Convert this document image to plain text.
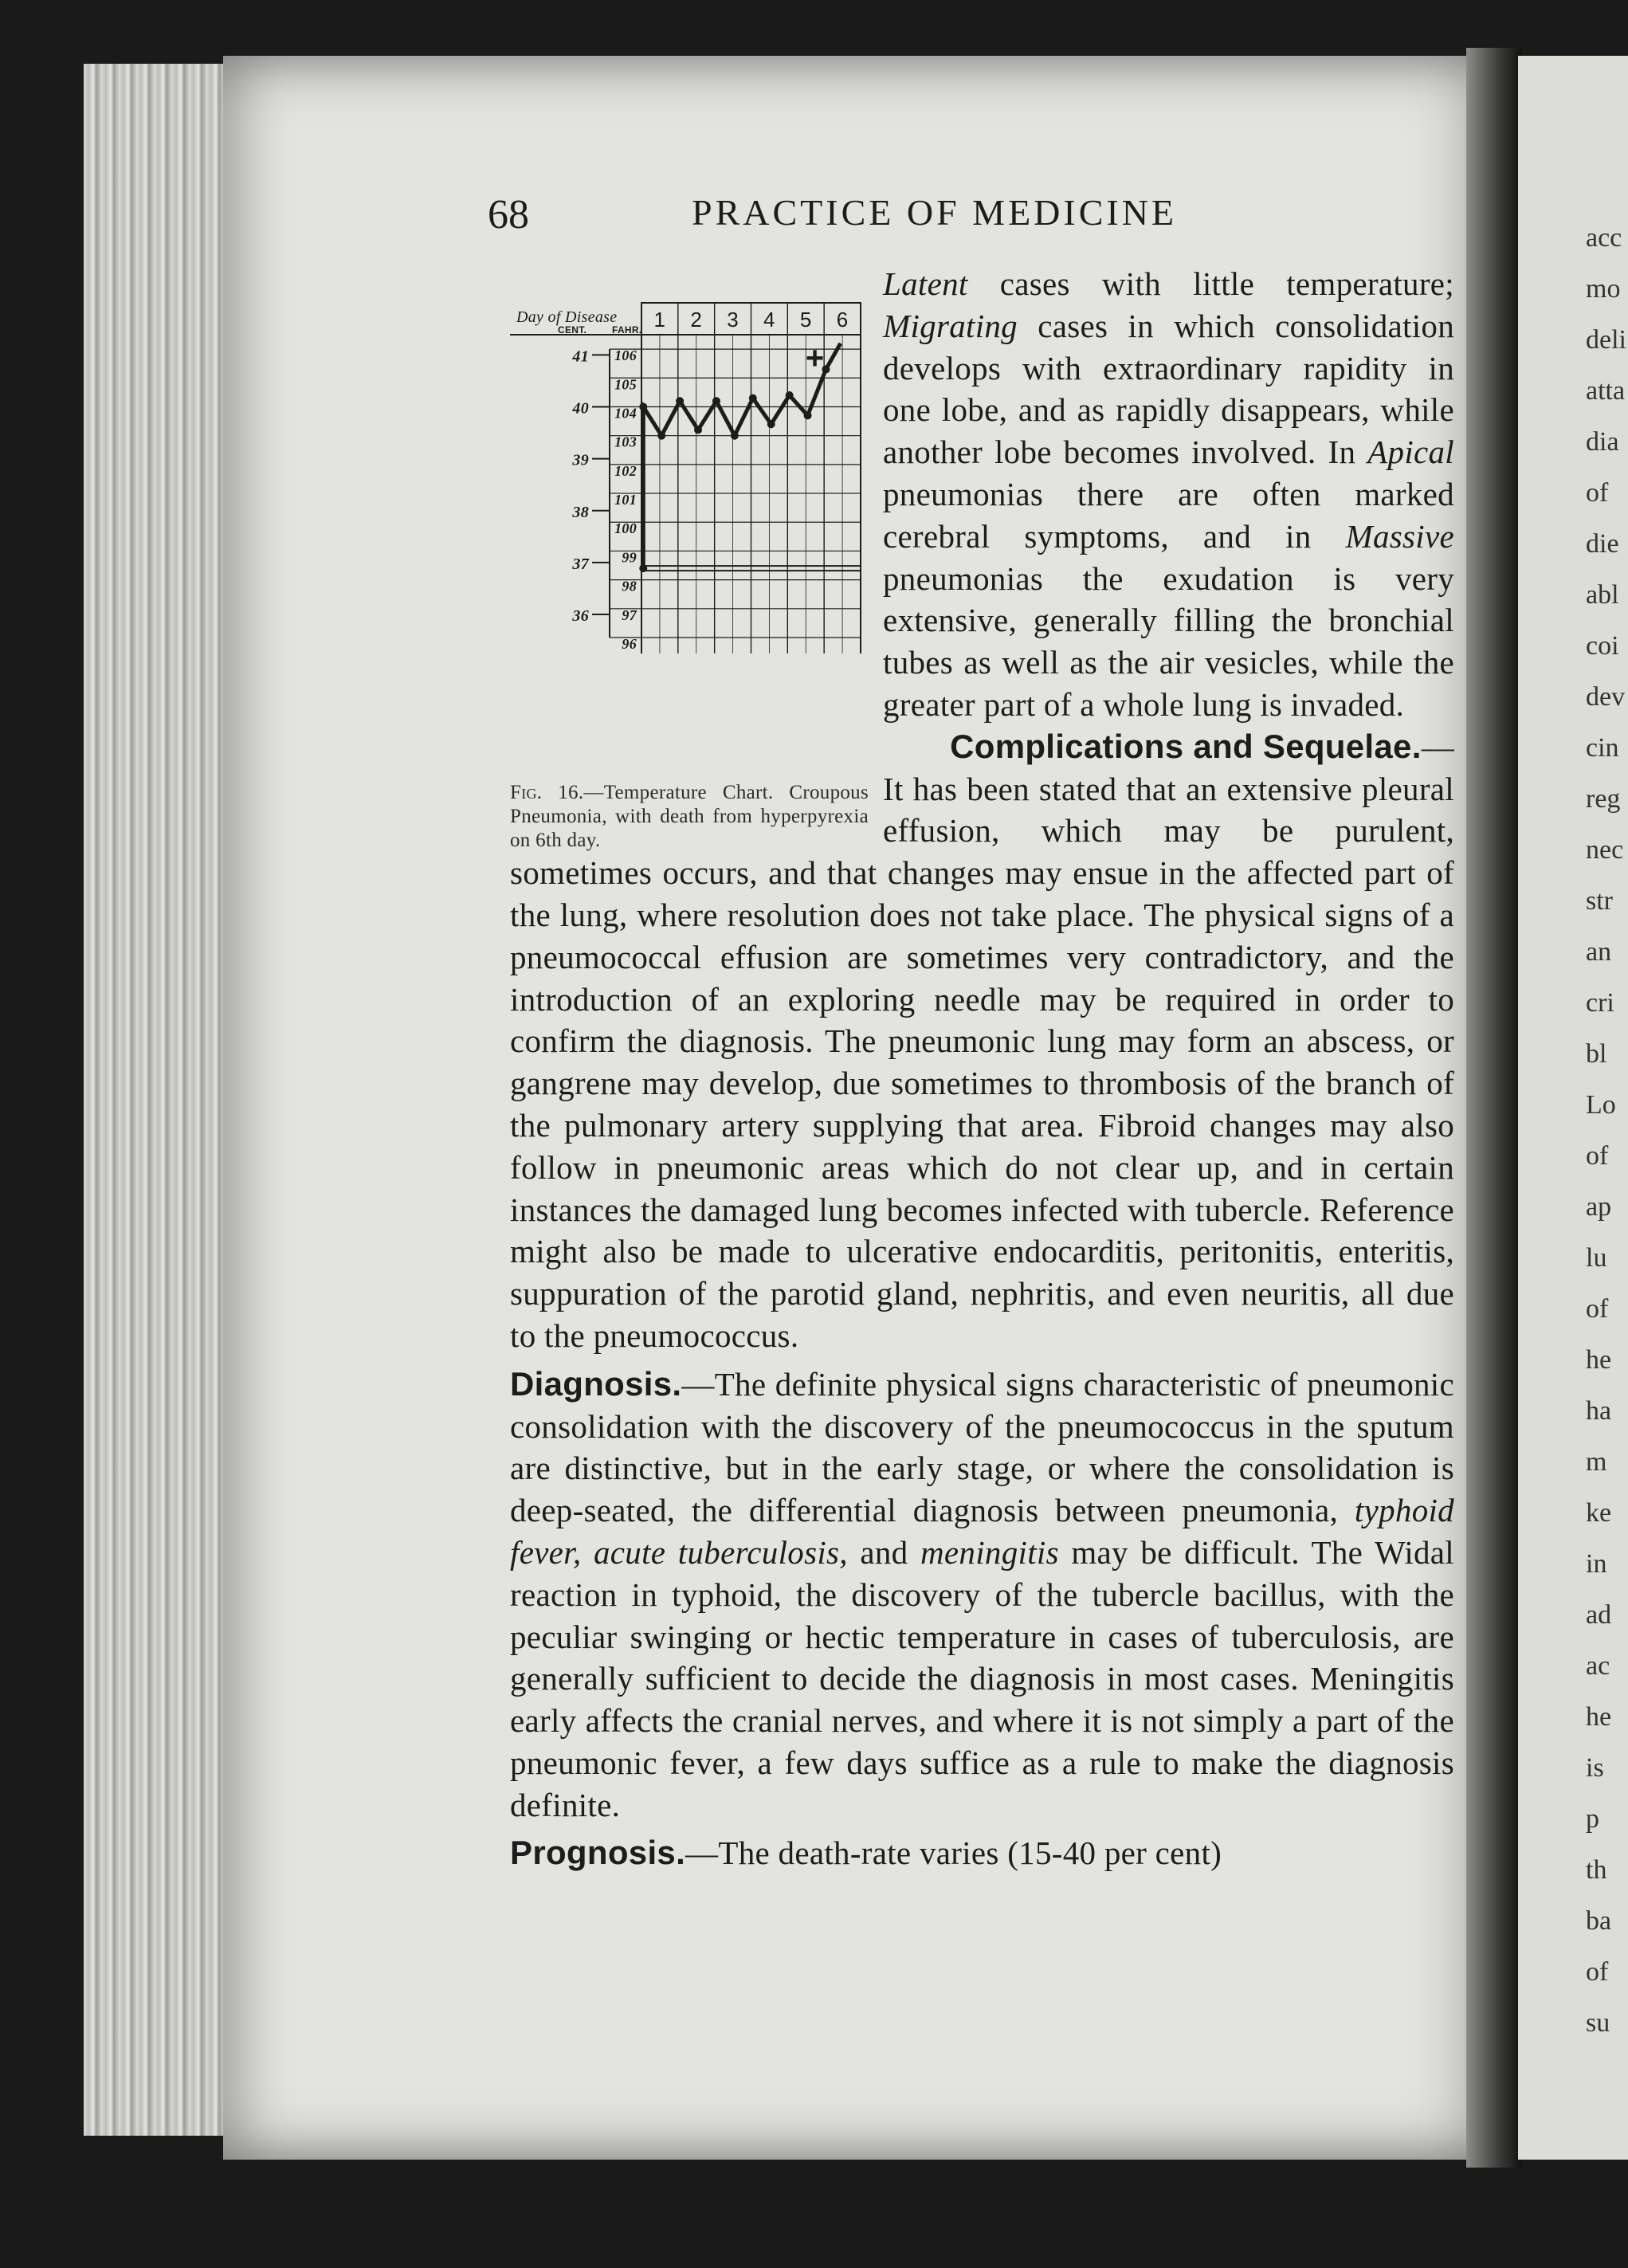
acc
mo
deli
atta
dia
of
die
abl
coi
dev
cin
reg
nec
str
an
cri
bl
Lo
of
ap
lu
of
he
ha
m
ke
in
ad
ac
he
is
p
th
ba
of
su
68	PRACTICE OF MEDICINE
1 2 3 4 5 6
Day of Disease
CENT.	FAHR.
106
105
104
103
102
101
100
99
98
97
96
41
40
39
38
37
36
+
Fig. 16.—Temperature Chart. Croupous Pneumonia, with death from hyperpyrexia on 6th day.

Latent cases with little temperature; Migrating cases in which consolidation develops with extraordinary rapidity in one lobe, and as rapidly disappears, while another lobe becomes involved. In Apical pneumonias there are often marked cerebral symptoms, and in Massive pneumonias the exudation is very extensive, generally filling the bronchial tubes as well as the air vesicles, while the greater part of a whole lung is invaded.

Complications and Sequelae.—

It has been stated that an extensive pleural effusion, which may be purulent, sometimes occurs, and that changes may ensue in the affected part of the lung, where resolution does not take place. The physical signs of a pneumococcal effusion are sometimes very contradictory, and the introduction of an exploring needle may be required in order to confirm the diagnosis. The pneumonic lung may form an abscess, or gangrene may develop, due sometimes to thrombosis of the branch of the pulmonary artery supplying that area. Fibroid changes may also follow in pneumonic areas which do not clear up, and in certain instances the damaged lung becomes infected with tubercle. Reference might also be made to ulcerative endocarditis, peritonitis, enteritis, suppuration of the parotid gland, nephritis, and even neuritis, all due to the pneumococcus.

Diagnosis.—The definite physical signs characteristic of pneumonic consolidation with the discovery of the pneumococcus in the sputum are distinctive, but in the early stage, or where the consolidation is deep-seated, the differential diagnosis between pneumonia, typhoid fever, acute tuberculosis, and meningitis may be difficult. The Widal reaction in typhoid, the discovery of the tubercle bacillus, with the peculiar swinging or hectic temperature in cases of tuberculosis, are generally sufficient to decide the diagnosis in most cases. Meningitis early affects the cranial nerves, and where it is not simply a part of the pneumonic fever, a few days suffice as a rule to make the diagnosis definite.

Prognosis.—The death-rate varies (15-40 per cent)
